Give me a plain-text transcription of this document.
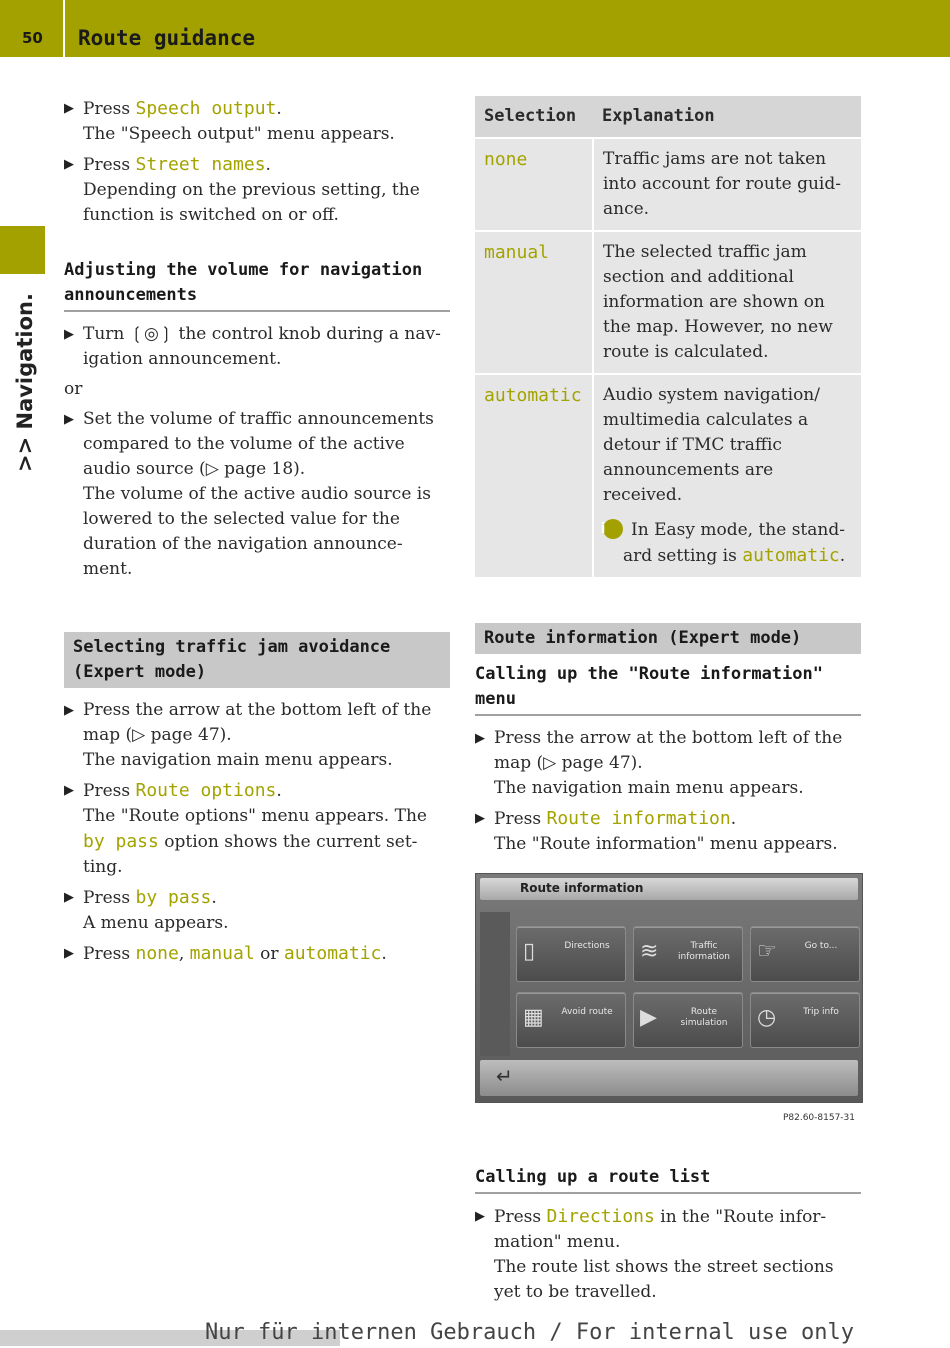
50 Route guidance
>> Navigation.
▶ Press Speech output.
The "Speech output" menu appears.
▶ Press Street names.
Depending on the previous setting, the function is switched on or off.
Adjusting the volume for navigation announcements
▶ Turn ❲◎❳ the control knob during a nav-igation announcement.
or
▶ Set the volume of traffic announcements compared to the volume of the active audio source (▷ page 18).
The volume of the active audio source is lowered to the selected value for the duration of the navigation announce-ment.
Selecting traffic jam avoidance (Expert mode)
▶ Press the arrow at the bottom left of the map (▷ page 47).
The navigation main menu appears.
▶ Press Route options.
The "Route options" menu appears. The by pass option shows the current set-ting.
▶ Press by pass.
A menu appears.
▶ Press none, manual or automatic.
Selection	Explanation
none	Traffic jams are not taken into account for route guid-ance.
manual	The selected traffic jam section and additional information are shown on the map. However, no new route is calculated.
automatic	Audio system navigation/ multimedia calculates a detour if TMC traffic announcements are received.
i In Easy mode, the stand-ard setting is automatic.
Route information (Expert mode)
Calling up the "Route information" menu
▶ Press the arrow at the bottom left of the map (▷ page 47).
The navigation main menu appears.
▶ Press Route information.
The "Route information" menu appears.
Route information
▯	Directions	≋	Traffic information ☞	Go to...
▦	Avoid route ▶	Route simulation	◷	Trip info
↵
P82.60-8157-31
Calling up a route list
▶ Press Directions in the "Route infor-mation" menu.
The route list shows the street sections yet to be travelled.
Nur für internen Gebrauch / For internal use only
